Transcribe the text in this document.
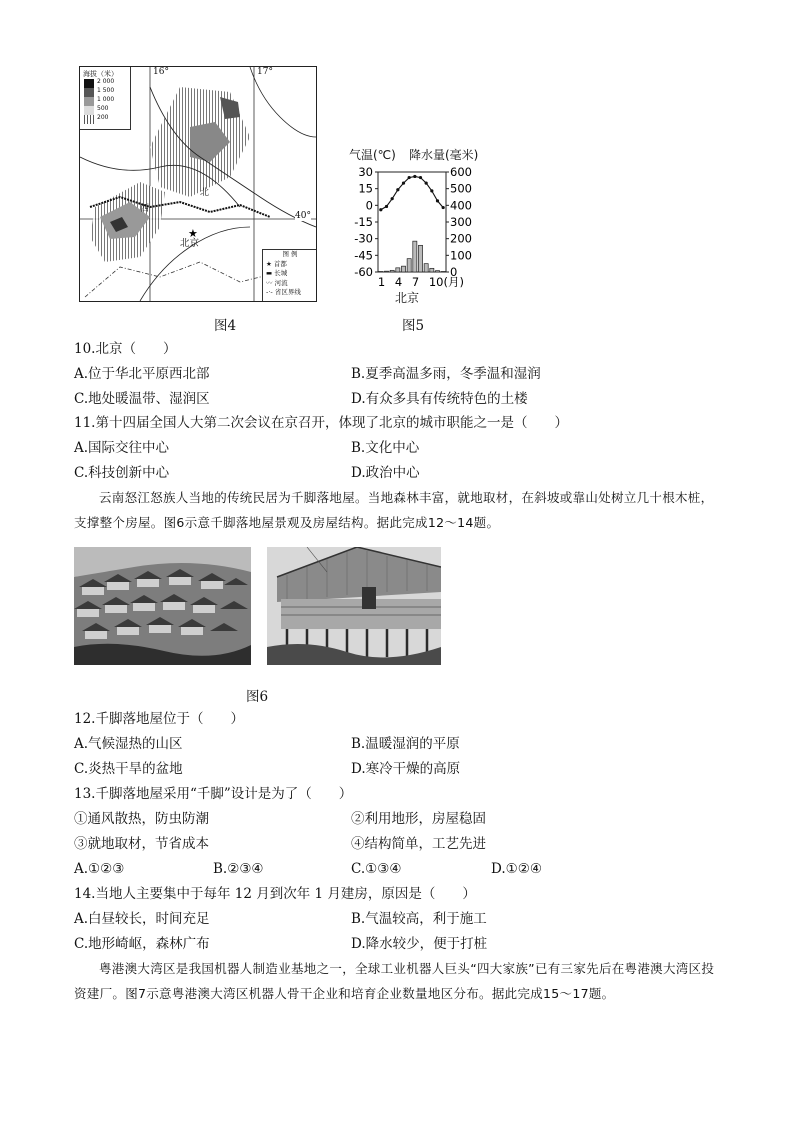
★
16°	17°
40°
北
西
北京
海拔（米）
2 000
1 500
1 000
500
200
图 例
★ 首都
▬ 长城
〰 河流
-·- 省区界线
图4
气温(℃) 降水量(毫米)
30
15
0
-15
-30
-45
-60
600
500
400
300
200
100
0
1 4 7 10(月)
北京
图5
10.北京（　　）
A.位于华北平原西北部	B.夏季高温多雨，冬季温和湿润
C.地处暖温带、湿润区	D.有众多具有传统特色的土楼
11.第十四届全国人大第二次会议在京召开，体现了北京的城市职能之一是（　　）
A.国际交往中心	B.文化中心
C.科技创新中心	D.政治中心
云南怒江怒族人当地的传统民居为千脚落地屋。当地森林丰富，就地取材，在斜坡或靠山处树立几十根木桩，支撑整个房屋。图6示意千脚落地屋景观及房屋结构。据此完成12～14题。
图6
12.千脚落地屋位于（　　）
A.气候湿热的山区	B.温暖湿润的平原
C.炎热干旱的盆地	D.寒冷干燥的高原
13.千脚落地屋采用“千脚”设计是为了（　　）
①通风散热，防虫防潮	②利用地形，房屋稳固
③就地取材，节省成本	④结构简单，工艺先进
A.①②③	B.②③④	C.①③④	D.①②④
14.当地人主要集中于每年 12 月到次年 1 月建房，原因是（　　）
A.白昼较长，时间充足	B.气温较高，利于施工
C.地形崎岖，森林广布	D.降水较少，便于打桩
粤港澳大湾区是我国机器人制造业基地之一，全球工业机器人巨头“四大家族”已有三家先后在粤港澳大湾区投资建厂。图7示意粤港澳大湾区机器人骨干企业和培育企业数量地区分布。据此完成15～17题。
